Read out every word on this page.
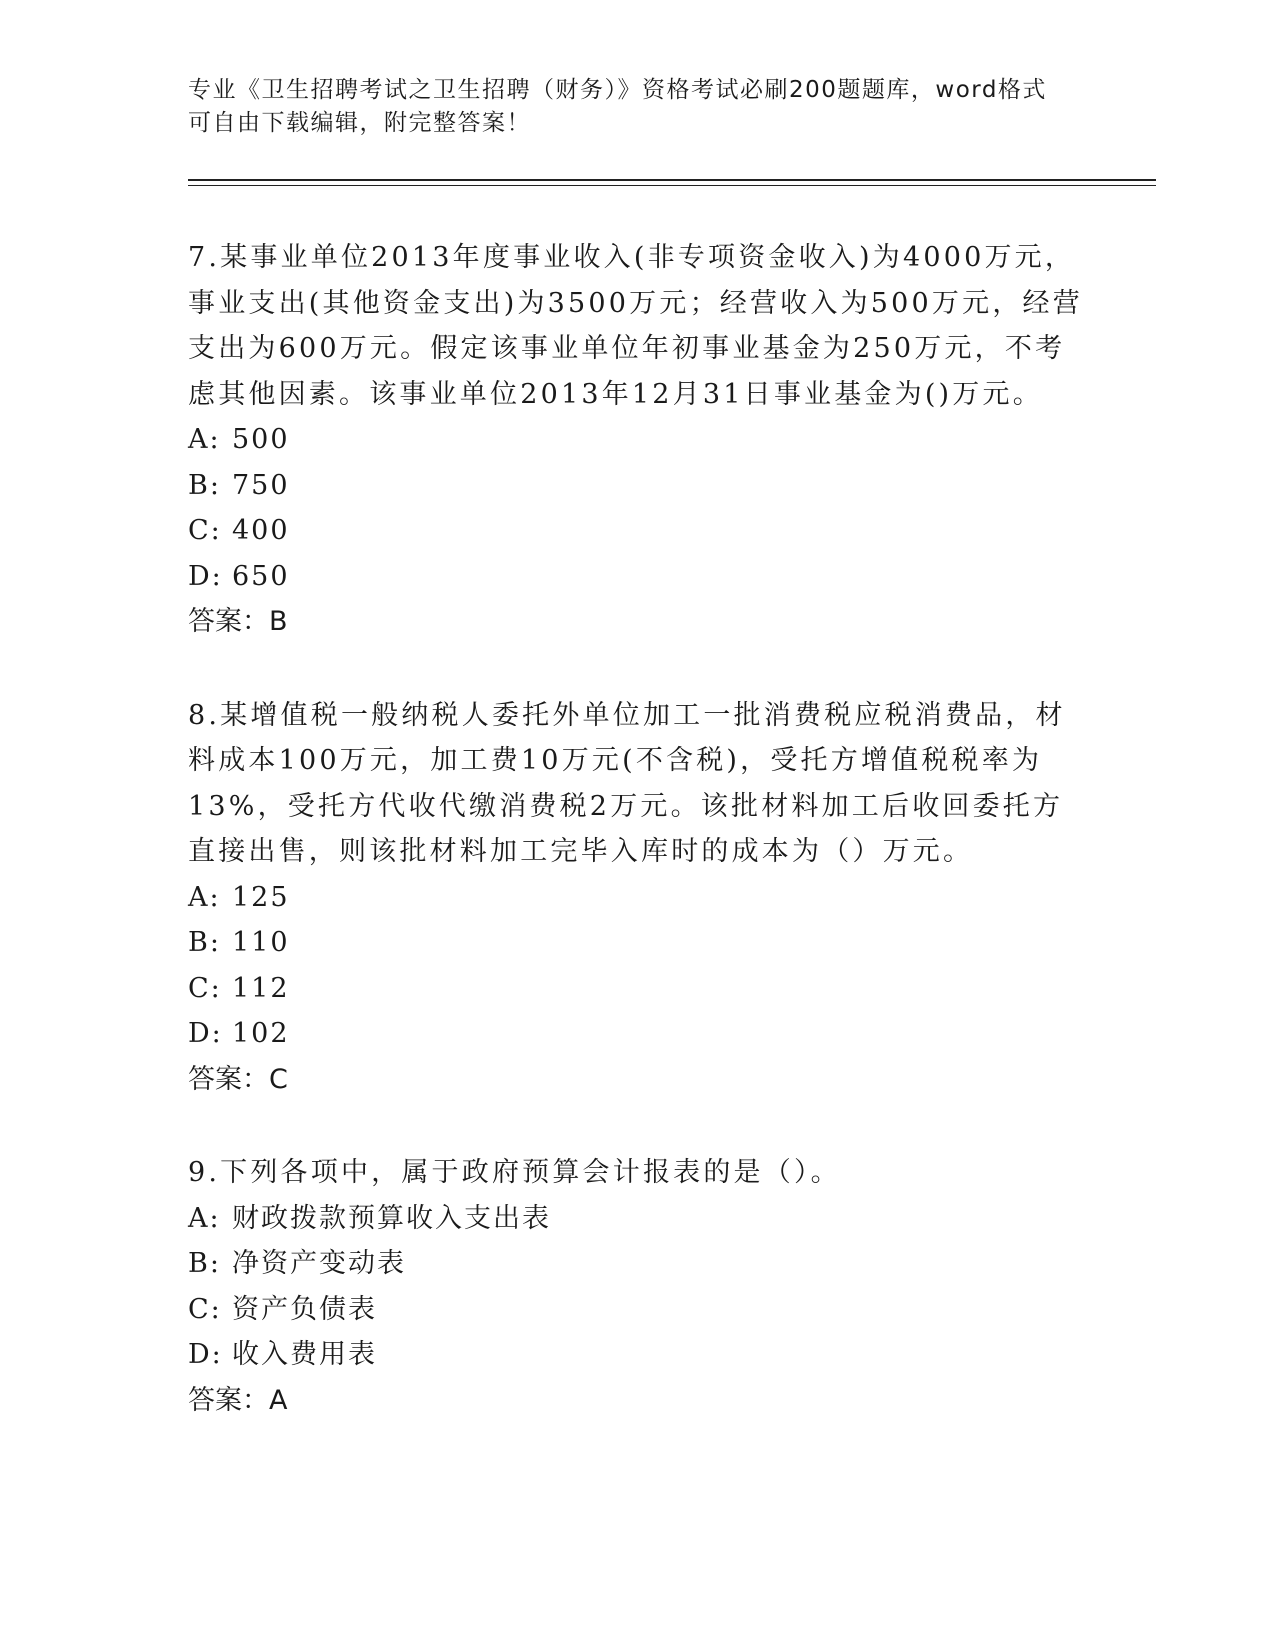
专业《卫生招聘考试之卫生招聘（财务）》资格考试必刷200题题库，word格式
可自由下载编辑，附完整答案！

7.某事业单位2013年度事业收入(非专项资金收入)为4000万元，事业支出(其他资金支出)为3500万元；经营收入为500万元，经营支出为600万元。假定该事业单位年初事业基金为250万元，不考虑其他因素。该事业单位2013年12月31日事业基金为()万元。

A: 500

B: 750

C: 400

D: 650

答案：B

8.某增值税一般纳税人委托外单位加工一批消费税应税消费品，材料成本100万元，加工费10万元(不含税)，受托方增值税税率为13%，受托方代收代缴消费税2万元。该批材料加工后收回委托方直接出售，则该批材料加工完毕入库时的成本为（）万元。

A: 125

B: 110

C: 112

D: 102

答案：C

9.下列各项中，属于政府预算会计报表的是（）。

A: 财政拨款预算收入支出表

B: 净资产变动表

C: 资产负债表

D: 收入费用表

答案：A
